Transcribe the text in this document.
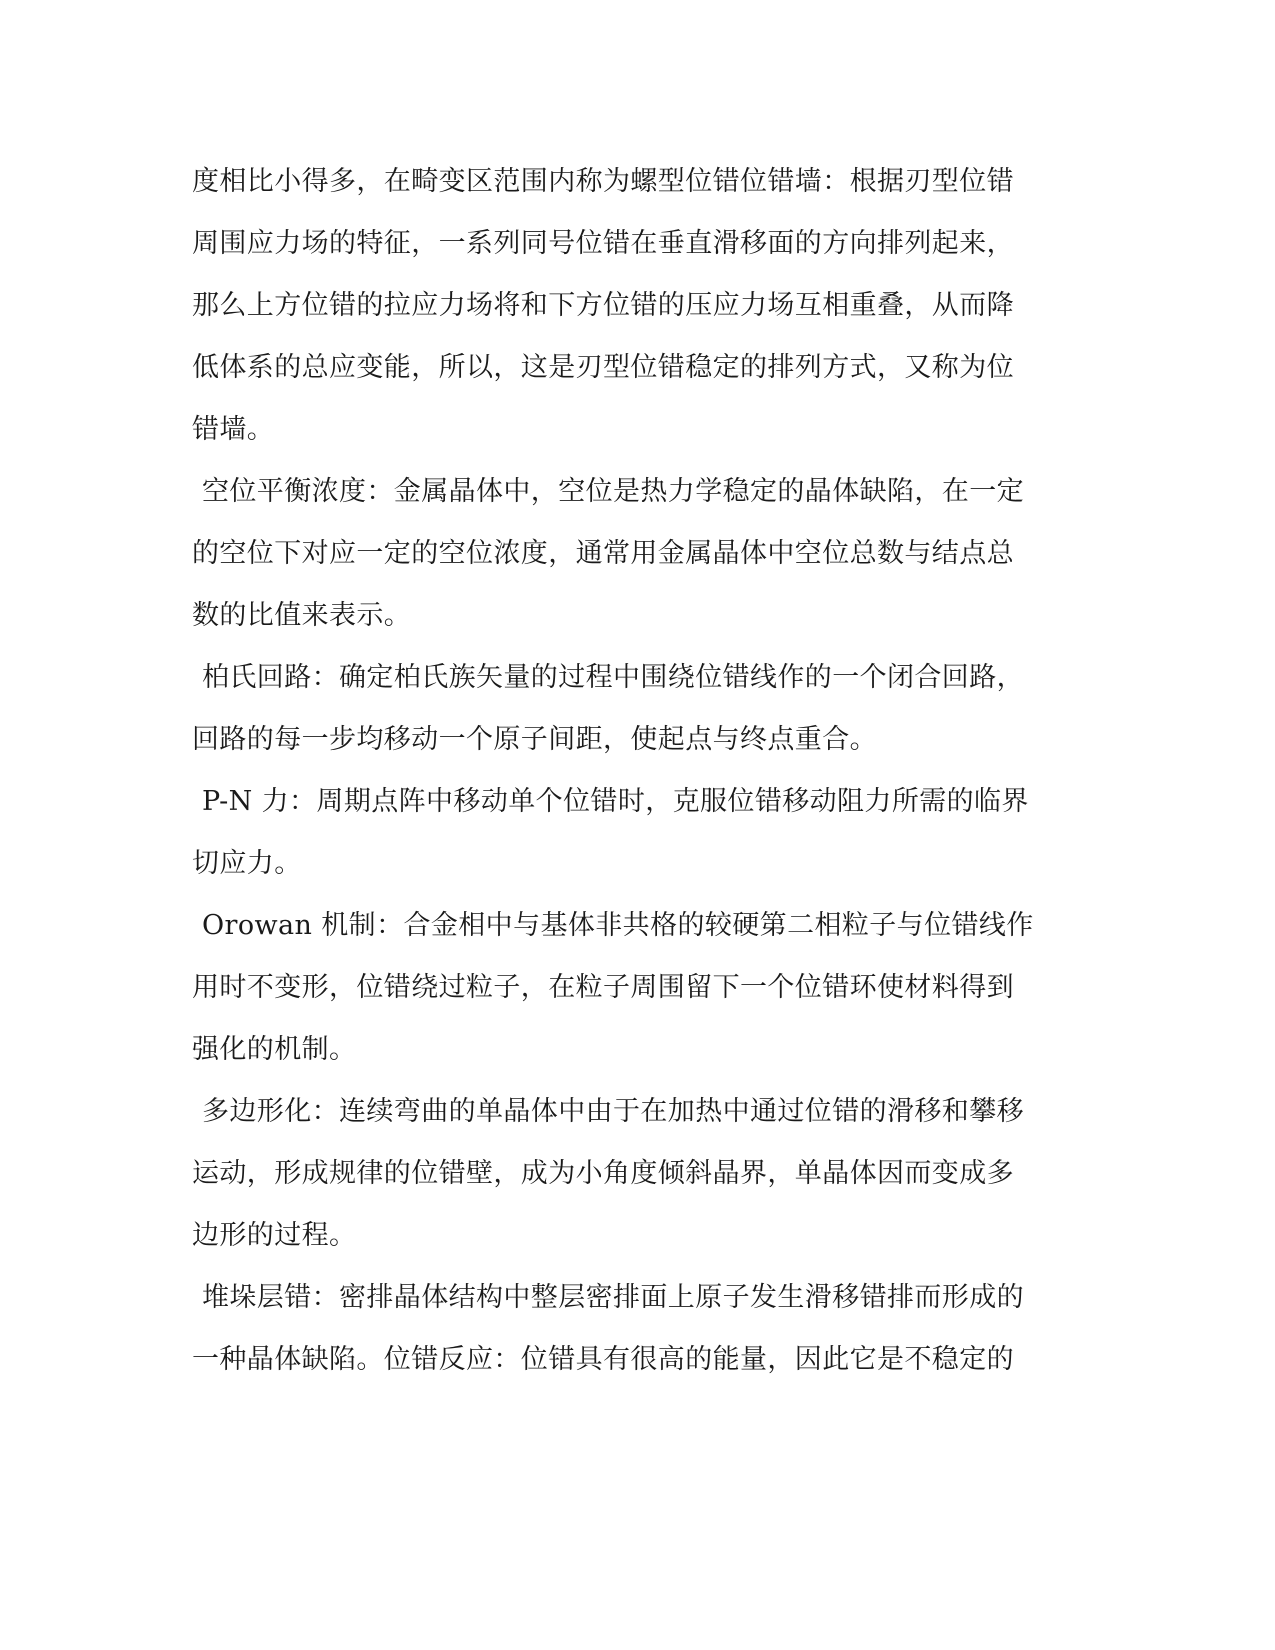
度相比小得多，在畸变区范围内称为螺型位错位错墙：根据刃型位错
周围应力场的特征，一系列同号位错在垂直滑移面的方向排列起来，
那么上方位错的拉应力场将和下方位错的压应力场互相重叠，从而降
低体系的总应变能，所以，这是刃型位错稳定的排列方式，又称为位
错墙。
空位平衡浓度：金属晶体中，空位是热力学稳定的晶体缺陷，在一定
的空位下对应一定的空位浓度，通常用金属晶体中空位总数与结点总
数的比值来表示。
柏氏回路：确定柏氏族矢量的过程中围绕位错线作的一个闭合回路，
回路的每一步均移动一个原子间距，使起点与终点重合。
P-N 力：周期点阵中移动单个位错时，克服位错移动阻力所需的临界
切应力。
Orowan 机制：合金相中与基体非共格的较硬第二相粒子与位错线作
用时不变形，位错绕过粒子，在粒子周围留下一个位错环使材料得到
强化的机制。
多边形化：连续弯曲的单晶体中由于在加热中通过位错的滑移和攀移
运动，形成规律的位错壁，成为小角度倾斜晶界，单晶体因而变成多
边形的过程。
堆垛层错：密排晶体结构中整层密排面上原子发生滑移错排而形成的
一种晶体缺陷。位错反应：位错具有很高的能量，因此它是不稳定的
